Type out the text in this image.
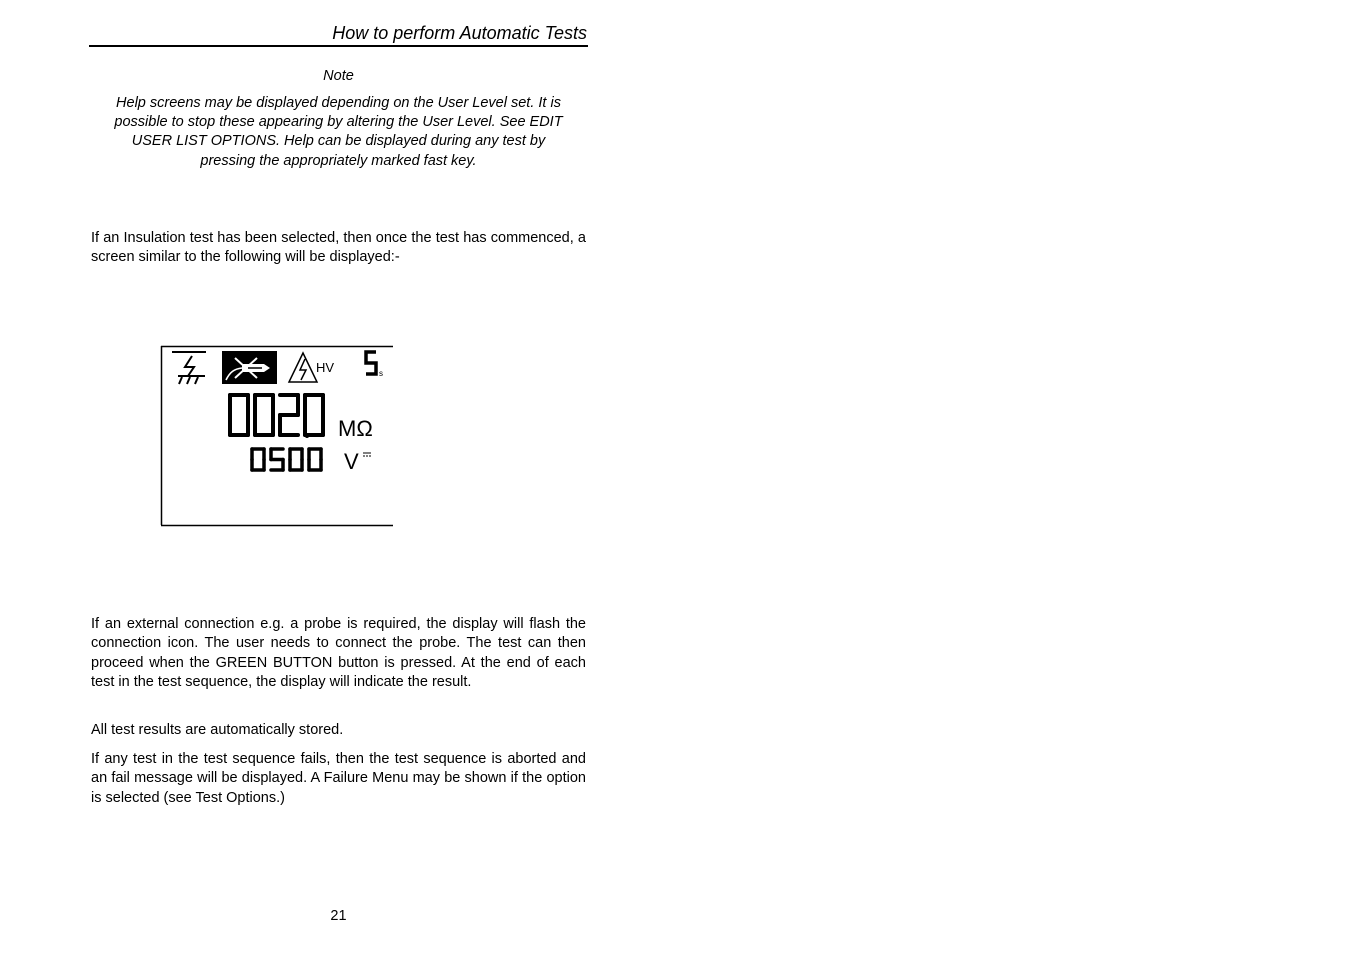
How to perform Automatic Tests
Note
Help screens may be displayed depending on the User Level set. It is possible to stop these appearing by altering the User Level. See EDIT USER LIST OPTIONS. Help can be displayed during any test by pressing the appropriately marked fast key.

If an Insulation test has been selected, then once the test has commenced, a screen similar to the following will be displayed:-

HV	s
MΩ
V

If an external connection e.g. a probe is required, the display will flash the connection icon. The user needs to connect the probe. The test can then proceed when the GREEN BUTTON button is pressed. At the end of each test in the test sequence, the display will indicate the result.

All test results are automatically stored.

If any test in the test sequence fails, then the test sequence is aborted and an fail message will be displayed. A Failure Menu may be shown if the option is selected (see Test Options.)

21
